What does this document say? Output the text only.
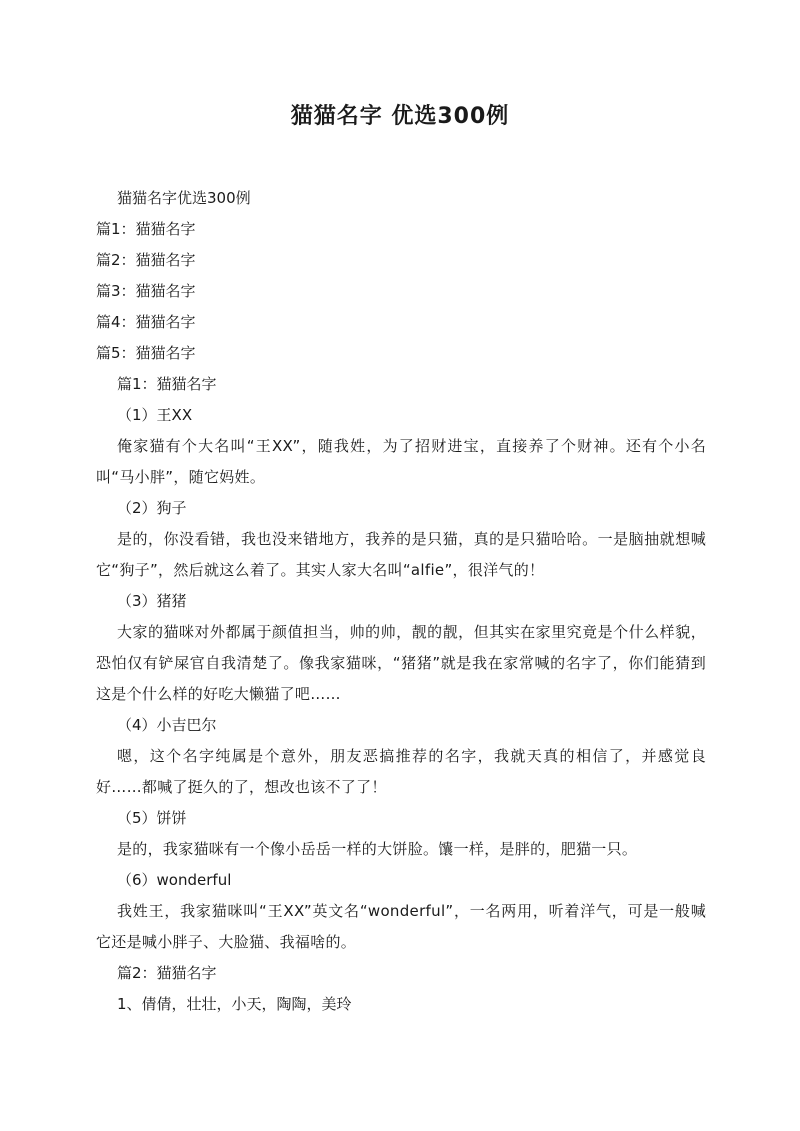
猫猫名字 优选300例
猫猫名字优选300例
篇1：猫猫名字
篇2：猫猫名字
篇3：猫猫名字
篇4：猫猫名字
篇5：猫猫名字
篇1：猫猫名字
（1）王XX
俺家猫有个大名叫“王XX”，随我姓，为了招财进宝，直接养了个财神。还有个小名叫“马小胖”，随它妈姓。
（2）狗子
是的，你没看错，我也没来错地方，我养的是只猫，真的是只猫哈哈。一是脑抽就想喊它“狗子”，然后就这么着了。其实人家大名叫“alfie”，很洋气的！
（3）猪猪
大家的猫咪对外都属于颜值担当，帅的帅，靓的靓，但其实在家里究竟是个什么样貌，恐怕仅有铲屎官自我清楚了。像我家猫咪，“猪猪”就是我在家常喊的名字了，你们能猜到这是个什么样的好吃大懒猫了吧……
（4）小吉巴尔
嗯，这个名字纯属是个意外，朋友恶搞推荐的名字，我就天真的相信了，并感觉良好……都喊了挺久的了，想改也该不了了！
（5）饼饼
是的，我家猫咪有一个像小岳岳一样的大饼脸。馕一样，是胖的，肥猫一只。
（6）wonderful
我姓王，我家猫咪叫“王XX”英文名“wonderful”，一名两用，听着洋气，可是一般喊它还是喊小胖子、大脸猫、我福啥的。
篇2：猫猫名字
1、倩倩，壮壮，小天，陶陶，美玲
